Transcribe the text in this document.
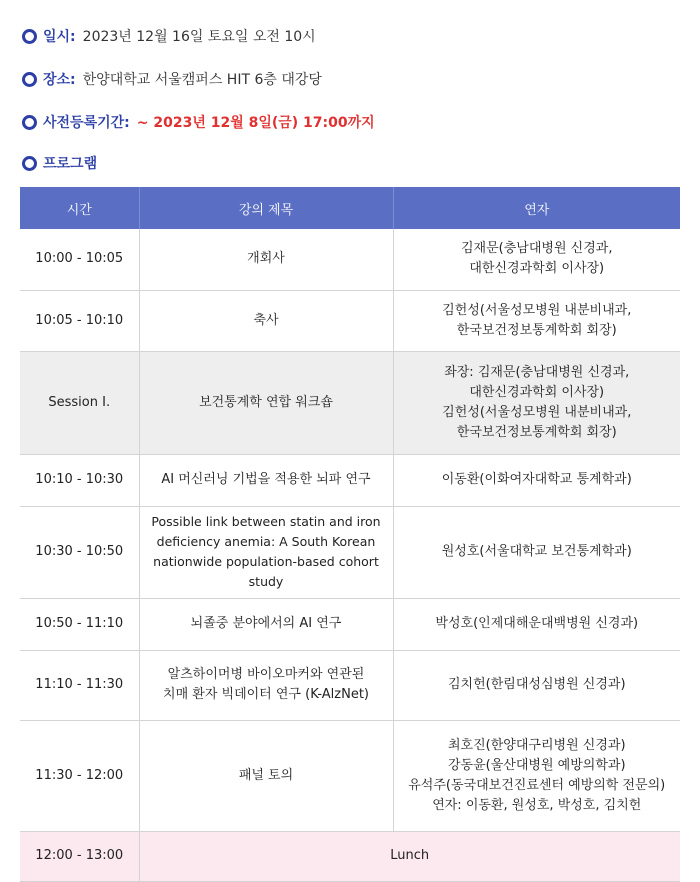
일시: 2023년 12월 16일 토요일 오전 10시
장소: 한양대학교 서울캠퍼스 HIT 6층 대강당
사전등록기간: ~ 2023년 12월 8일(금) 17:00까지
프로그램
시간	강의 제목	연자
10:00 - 10:05	개회사	김재문(충남대병원 신경과,
대한신경과학회 이사장)

10:05 - 10:10	축사	김헌성(서울성모병원 내분비내과,
한국보건정보통계학회 회장)

Session I.	보건통계학 연합 워크숍	좌장: 김재문(충남대병원 신경과,
대한신경과학회 이사장)
김헌성(서울성모병원 내분비내과,
한국보건정보통계학회 회장)

10:10 - 10:30	AI 머신러닝 기법을 적용한 뇌파 연구	이동환(이화여자대학교 통계학과)

10:30 - 10:50	Possible link between statin and iron
deficiency anemia: A South Korean
nationwide population-based cohort study	원성호(서울대학교 보건통계학과)

10:50 - 11:10	뇌졸중 분야에서의 AI 연구	박성호(인제대해운대백병원 신경과)

11:10 - 11:30	알츠하이머병 바이오마커와 연관된
치매 환자 빅데이터 연구 (K-AlzNet)	김치헌(한림대성심병원 신경과)

11:30 - 12:00	패널 토의	최호진(한양대구리병원 신경과)
강동윤(울산대병원 예방의학과)
유석주(동국대보건진료센터 예방의학 전문의)
연자: 이동환, 원성호, 박성호, 김치헌

12:00 - 13:00	Lunch	
